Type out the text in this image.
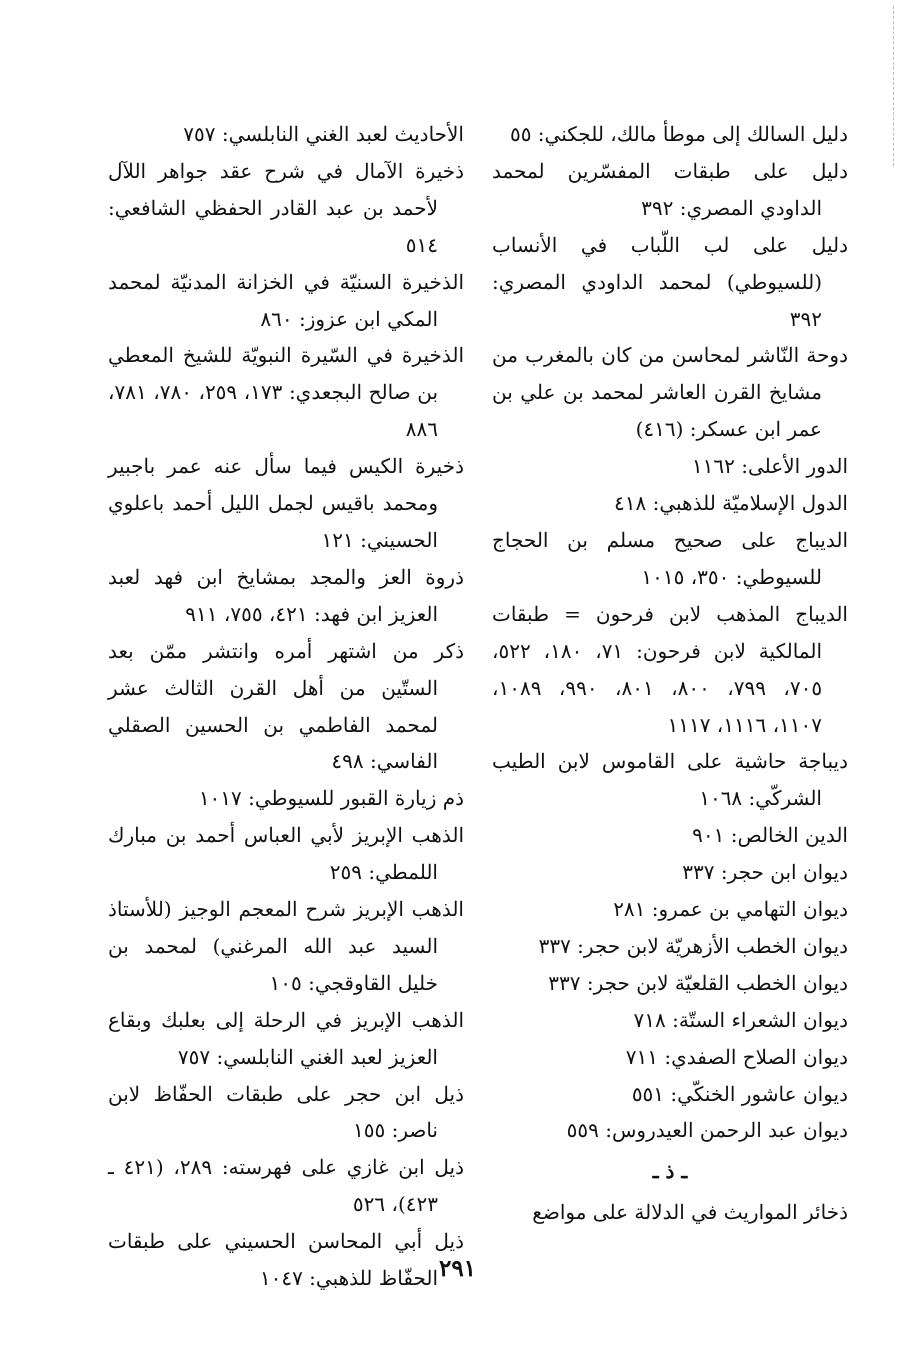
دليل السالك إلى موطأ مالك، للجكني: ٥٥
دليل على طبقات المفسّرين لمحمد الداودي المصري: ٣٩٢
دليل على لب اللّباب في الأنساب (للسيوطي) لمحمد الداودي المصري: ٣٩٢
دوحة النّاشر لمحاسن من كان بالمغرب من مشايخ القرن العاشر لمحمد بن علي بن عمر ابن عسكر: (٤١٦)
الدور الأعلى: ١١٦٢
الدول الإسلاميّة للذهبي: ٤١٨
الديباج على صحيح مسلم بن الحجاج للسيوطي: ٣٥٠، ١٠١٥
الديباج المذهب لابن فرحون = طبقات المالكية لابن فرحون: ٧١، ١٨٠، ٥٢٢، ٧٠٥، ٧٩٩، ٨٠٠، ٨٠١، ٩٩٠، ١٠٨٩، ١١٠٧، ١١١٦، ١١١٧
ديباجة حاشية على القاموس لابن الطيب الشركّي: ١٠٦٨
الدين الخالص: ٩٠١
ديوان ابن حجر: ٣٣٧
ديوان التهامي بن عمرو: ٢٨١
ديوان الخطب الأزهريّة لابن حجر: ٣٣٧
ديوان الخطب القلعيّة لابن حجر: ٣٣٧
ديوان الشعراء الستّة: ٧١٨
ديوان الصلاح الصفدي: ٧١١
ديوان عاشور الخنكّي: ٥٥١
ديوان عبد الرحمن العيدروس: ٥٥٩
ـ ذ ـ
ذخائر المواريث في الدلالة على مواضع
الأحاديث لعبد الغني النابلسي: ٧٥٧
ذخيرة الآمال في شرح عقد جواهر اللآل لأحمد بن عبد القادر الحفظي الشافعي: ٥١٤
الذخيرة السنيّة في الخزانة المدنيّة لمحمد المكي ابن عزوز: ٨٦٠
الذخيرة في السّيرة النبويّة للشيخ المعطي بن صالح البجعدي: ١٧٣، ٢٥٩، ٧٨٠، ٧٨١، ٨٨٦
ذخيرة الكيس فيما سأل عنه عمر باجبير ومحمد باقيس لجمل الليل أحمد باعلوي الحسيني: ١٢١
ذروة العز والمجد بمشايخ ابن فهد لعبد العزيز ابن فهد: ٤٢١، ٧٥٥، ٩١١
ذكر من اشتهر أمره وانتشر ممّن بعد الستّين من أهل القرن الثالث عشر لمحمد الفاطمي بن الحسين الصقلي الفاسي: ٤٩٨
ذم زيارة القبور للسيوطي: ١٠١٧
الذهب الإبريز لأبي العباس أحمد بن مبارك اللمطي: ٢٥٩
الذهب الإبريز شرح المعجم الوجيز (للأستاذ السيد عبد الله المرغني) لمحمد بن خليل القاوقجي: ١٠٥
الذهب الإبريز في الرحلة إلى بعلبك وبقاع العزيز لعبد الغني النابلسي: ٧٥٧
ذيل ابن حجر على طبقات الحفّاظ لابن ناصر: ١٥٥
ذيل ابن غازي على فهرسته: ٢٨٩، (٤٢١ ـ ٤٢٣)، ٥٢٦
ذيل أبي المحاسن الحسيني على طبقات الحفّاظ للذهبي: ١٠٤٧ ٢٩١
